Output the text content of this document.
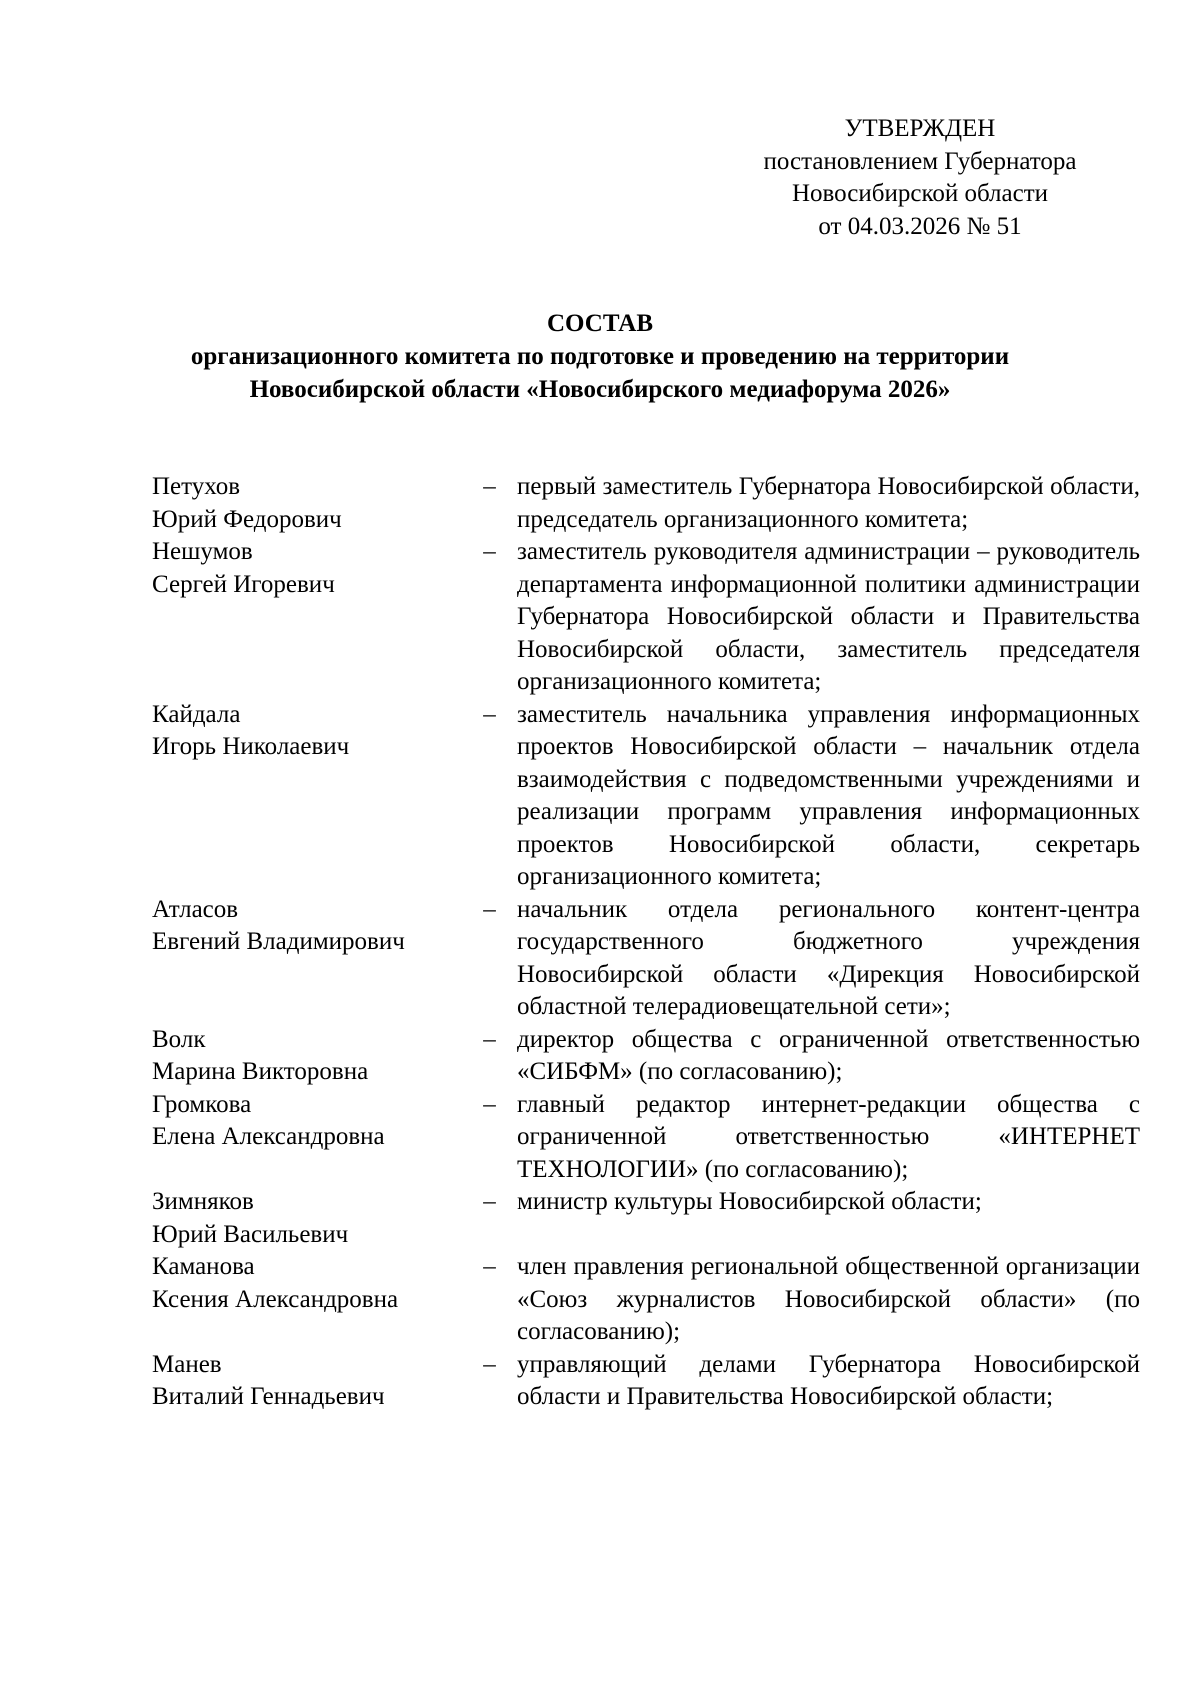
УТВЕРЖДЕН
постановлением Губернатора
Новосибирской области
от 04.03.2026 № 51
СОСТАВ
организационного комитета по подготовке и проведению на территории
Новосибирской области «Новосибирского медиафорума 2026»
Петухов
Юрий Федорович
– первый заместитель Губернатора Новосибирской области, председатель организационного комитета;
Нешумов
Сергей Игоревич
– заместитель руководителя администрации – руководитель департамента информационной политики администрации Губернатора Новосибирской области и Правительства Новосибирской области, заместитель председателя организационного комитета;
Кайдала
Игорь Николаевич
– заместитель начальника управления информационных проектов Новосибирской области – начальник отдела взаимодействия с подведомственными учреждениями и реализации программ управления информационных проектов Новосибирской области, секретарь организационного комитета;
Атласов
Евгений Владимирович
– начальник отдела регионального контент-центра государственного бюджетного учреждения Новосибирской области «Дирекция Новосибирской областной телерадиовещательной сети»;
Волк
Марина Викторовна
– директор общества с ограниченной ответственностью «СИБФМ» (по согласованию);
Громкова
Елена Александровна
– главный редактор интернет-редакции общества с ограниченной ответственностью «ИНТЕРНЕТ ТЕХНОЛОГИИ» (по согласованию);
Зимняков
Юрий Васильевич
– министр культуры Новосибирской области;
Каманова
Ксения Александровна
– член правления региональной общественной организации «Союз журналистов Новосибирской области» (по согласованию);
Манев
Виталий Геннадьевич
– управляющий делами Губернатора Новосибирской области и Правительства Новосибирской области;
